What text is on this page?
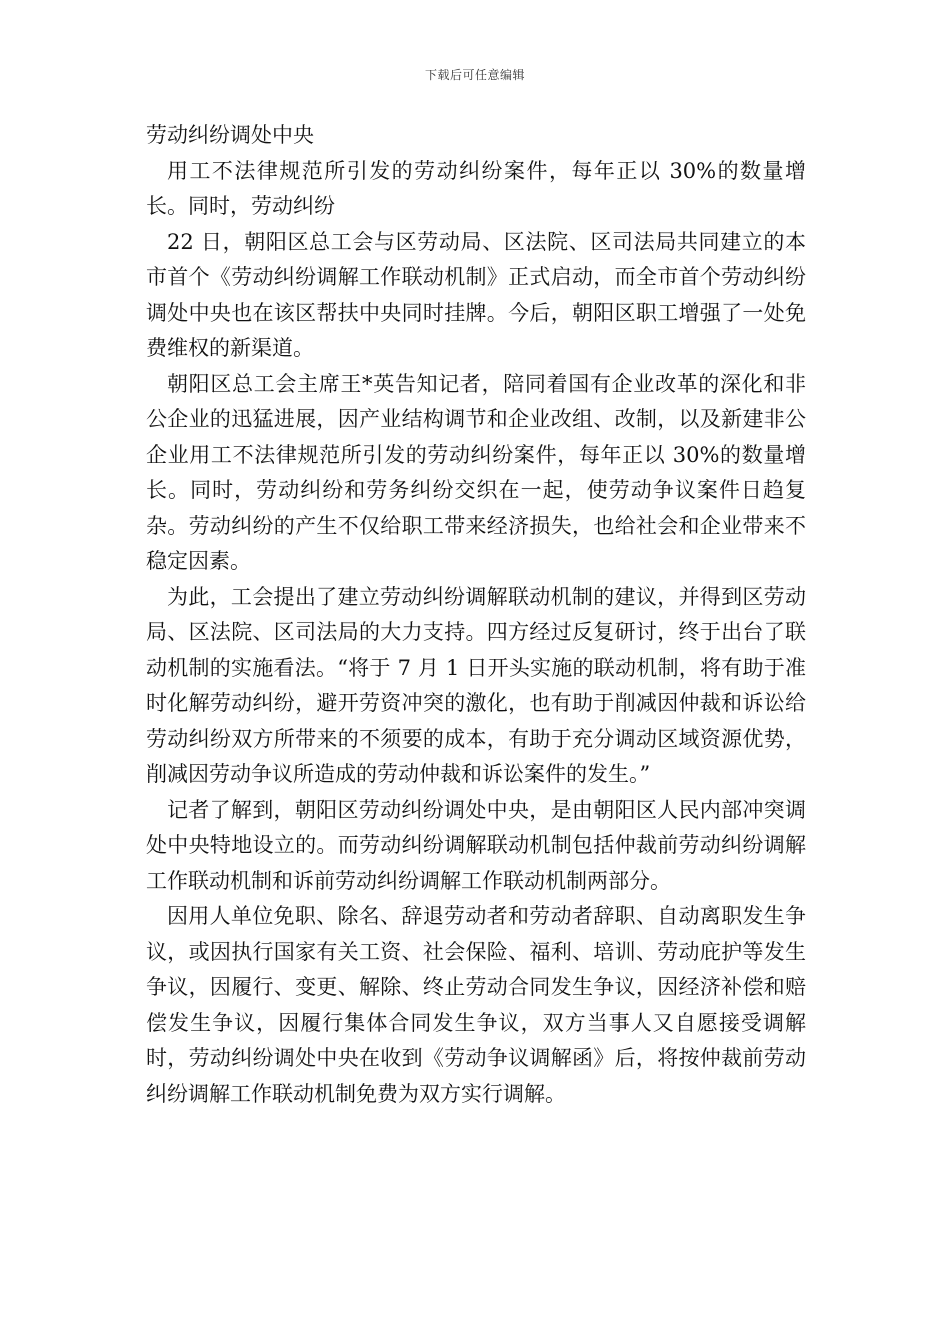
下载后可任意编辑

劳动纠纷调处中央

用工不法律规范所引发的劳动纠纷案件，每年正以 30%的数量增长。同时，劳动纠纷

22 日，朝阳区总工会与区劳动局、区法院、区司法局共同建立的本市首个《劳动纠纷调解工作联动机制》正式启动，而全市首个劳动纠纷调处中央也在该区帮扶中央同时挂牌。今后，朝阳区职工增强了一处免费维权的新渠道。

朝阳区总工会主席王*英告知记者，陪同着国有企业改革的深化和非公企业的迅猛进展，因产业结构调节和企业改组、改制，以及新建非公企业用工不法律规范所引发的劳动纠纷案件，每年正以 30%的数量增长。同时，劳动纠纷和劳务纠纷交织在一起，使劳动争议案件日趋复杂。劳动纠纷的产生不仅给职工带来经济损失，也给社会和企业带来不稳定因素。

为此，工会提出了建立劳动纠纷调解联动机制的建议，并得到区劳动局、区法院、区司法局的大力支持。四方经过反复研讨，终于出台了联动机制的实施看法。“将于 7 月 1 日开头实施的联动机制，将有助于准时化解劳动纠纷，避开劳资冲突的激化，也有助于削减因仲裁和诉讼给劳动纠纷双方所带来的不须要的成本，有助于充分调动区域资源优势，削减因劳动争议所造成的劳动仲裁和诉讼案件的发生。”

记者了解到，朝阳区劳动纠纷调处中央，是由朝阳区人民内部冲突调处中央特地设立的。而劳动纠纷调解联动机制包括仲裁前劳动纠纷调解工作联动机制和诉前劳动纠纷调解工作联动机制两部分。

因用人单位免职、除名、辞退劳动者和劳动者辞职、自动离职发生争议，或因执行国家有关工资、社会保险、福利、培训、劳动庇护等发生争议，因履行、变更、解除、终止劳动合同发生争议，因经济补偿和赔偿发生争议，因履行集体合同发生争议，双方当事人又自愿接受调解时，劳动纠纷调处中央在收到《劳动争议调解函》后，将按仲裁前劳动纠纷调解工作联动机制免费为双方实行调解。
